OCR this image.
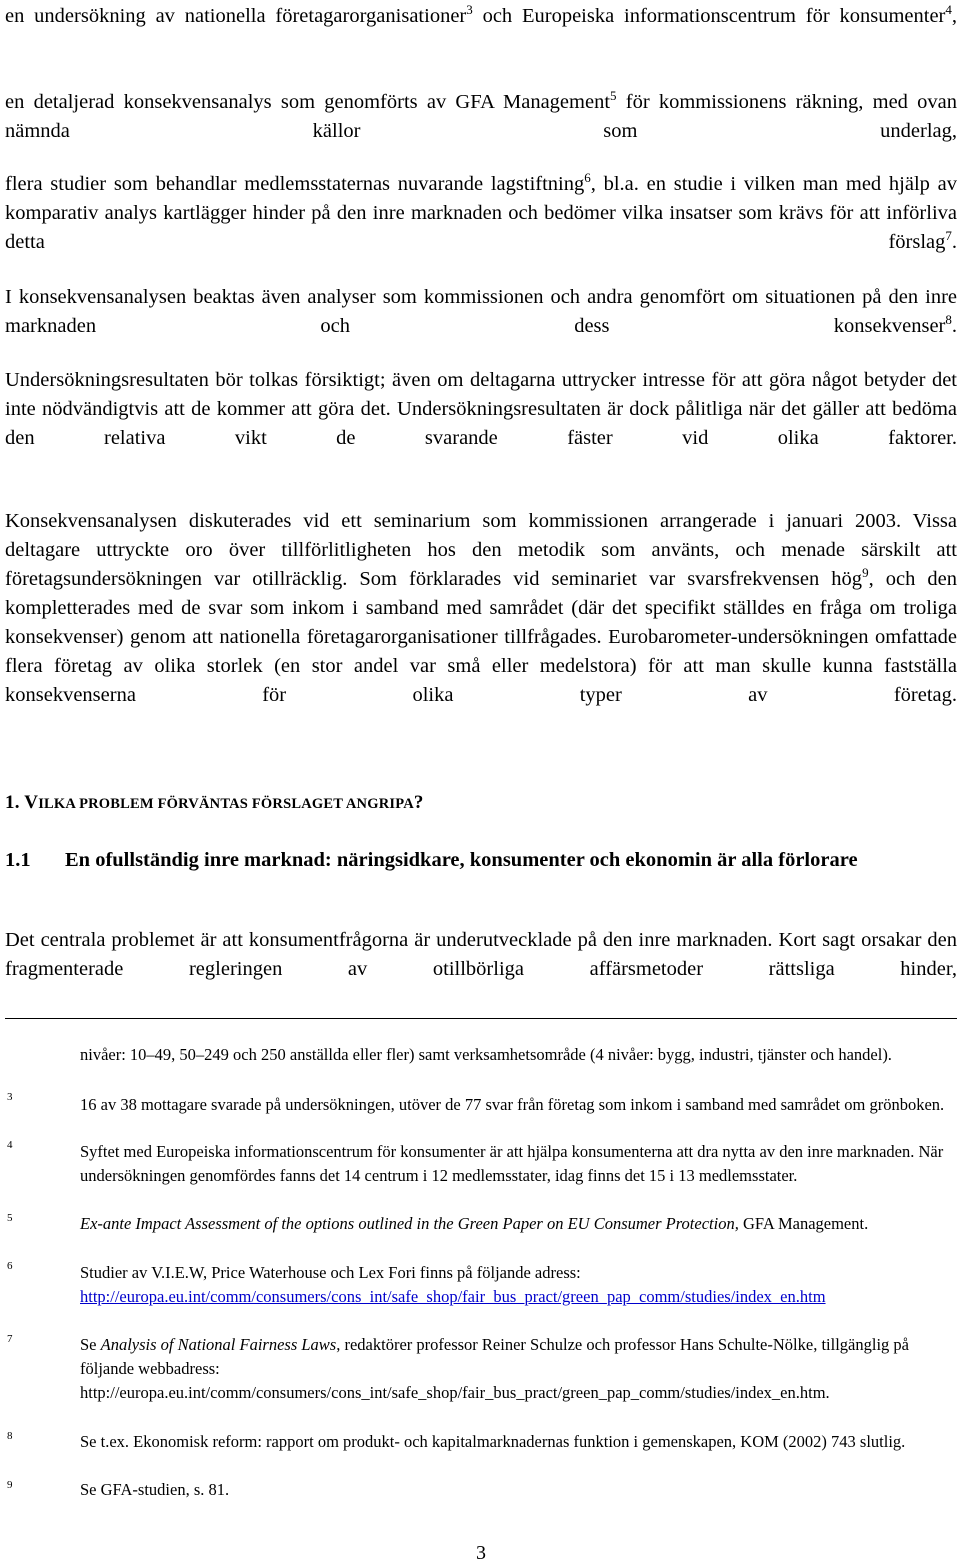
en undersökning av nationella företagarorganisationer$^3$ och Europeiska informationscentrum för konsumenter$^4$,
en detaljerad konsekvensanalys som genomförts av GFA Management$^5$ för kommissionens räkning, med ovan nämnda källor som underlag,
flera studier som behandlar medlemsstaternas nuvarande lagstiftning$^6$, bl.a. en studie i vilken man med hjälp av komparativ analys kartlägger hinder på den inre marknaden och bedömer vilka insatser som krävs för att införliva detta förslag$^7$.
I konsekvensanalysen beaktas även analyser som kommissionen och andra genomfört om situationen på den inre marknaden och dess konsekvenser$^8$.
Undersökningsresultaten bör tolkas försiktigt; även om deltagarna uttrycker intresse för att göra något betyder det inte nödvändigtvis att de kommer att göra det. Undersökningsresultaten är dock pålitliga när det gäller att bedöma den relativa vikt de svarande fäster vid olika faktorer.
Konsekvensanalysen diskuterades vid ett seminarium som kommissionen arrangerade i januari 2003. Vissa deltagare uttryckte oro över tillförlitligheten hos den metodik som använts, och menade särskilt att företagsundersökningen var otillräcklig. Som förklarades vid seminariet var svarsfrekvensen hög$^9$, och den kompletterades med de svar som inkom i samband med samrådet (där det specifikt ställdes en fråga om troliga konsekvenser) genom att nationella företagarorganisationer tillfrågades. Eurobarometer-undersökningen omfattade flera företag av olika storlek (en stor andel var små eller medelstora) för att man skulle kunna fastställa konsekvenserna för olika typer av företag.
1. VILKA PROBLEM FÖRVÄNTAS FÖRSLAGET ANGRIPA?
1.1 En ofullständig inre marknad: näringsidkare, konsumenter och ekonomin är alla förlorare
Det centrala problemet är att konsumentfrågorna är underutvecklade på den inre marknaden. Kort sagt orsakar den fragmenterade regleringen av otillbörliga affärsmetoder rättsliga hinder,
nivåer: 10–49, 50–249 och 250 anställda eller fler) samt verksamhetsområde (4 nivåer: bygg, industri, tjänster och handel).
3	16 av 38 mottagare svarade på undersökningen, utöver de 77 svar från företag som inkom i samband med samrådet om grönboken.
4	Syftet med Europeiska informationscentrum för konsumenter är att hjälpa konsumenterna att dra nytta av den inre marknaden. När undersökningen genomfördes fanns det 14 centrum i 12 medlemsstater, idag finns det 15 i 13 medlemsstater.
5	Ex-ante Impact Assessment of the options outlined in the Green Paper on EU Consumer Protection, GFA Management.
6	Studier av V.I.E.W, Price Waterhouse och Lex Fori finns på följande adress:
http://europa.eu.int/comm/consumers/cons_int/safe_shop/fair_bus_pract/green_pap_comm/studies/index_en.htm
7	Se Analysis of National Fairness Laws, redaktörer professor Reiner Schulze och professor Hans Schulte-Nölke, tillgänglig på följande webbadress:
http://europa.eu.int/comm/consumers/cons_int/safe_shop/fair_bus_pract/green_pap_comm/studies/index_en.htm.
8	Se t.ex. Ekonomisk reform: rapport om produkt- och kapitalmarknadernas funktion i gemenskapen, KOM (2002) 743 slutlig.
9	Se GFA-studien, s. 81.
3
